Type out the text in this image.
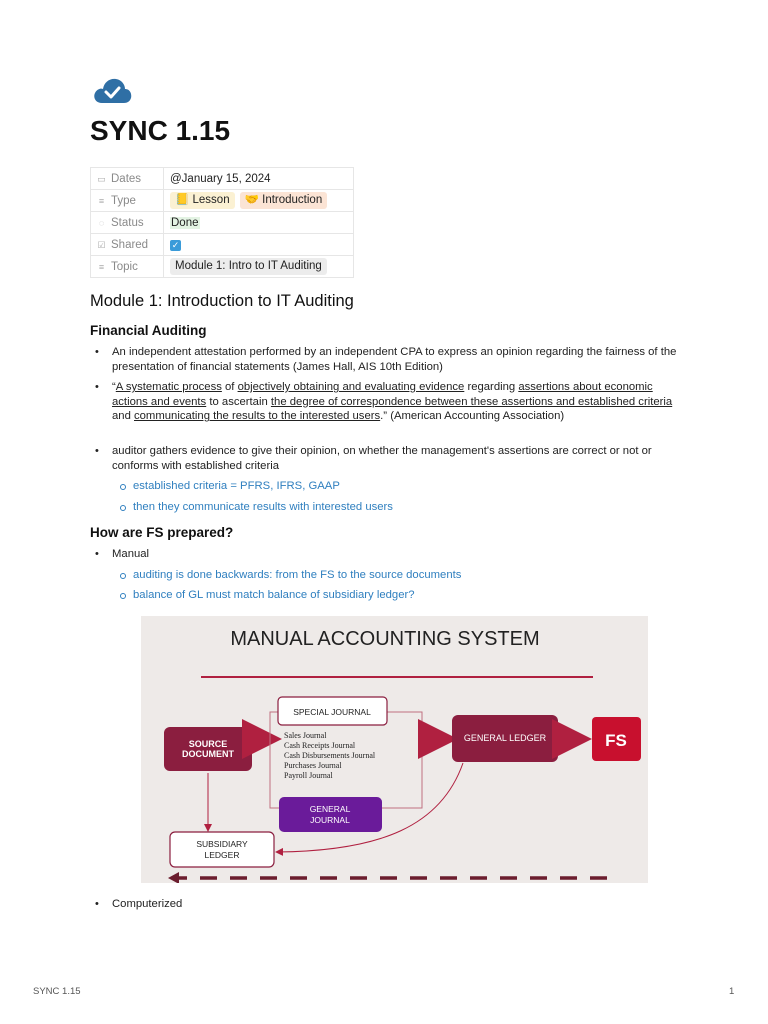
SYNC 1.15
▭ Dates	@January 15, 2024
≡ Type	📒 Lesson 🤝 Introduction
◌ Status	Done
☑ Shared	✓
≡ Topic	Module 1: Intro to IT Auditing
Module 1: Introduction to IT Auditing
Financial Auditing
• An independent attestation performed by an independent CPA to express an opinion regarding the fairness of the presentation of financial statements (James Hall, AIS 10th Edition)
• “A systematic process of objectively obtaining and evaluating evidence regarding assertions about economic actions and events to ascertain the degree of correspondence between these assertions and established criteria and communicating the results to the interested users.” (American Accounting Association)
• auditor gathers evidence to give their opinion, on whether the management's assertions are correct or not or conforms with established criteria
established criteria = PFRS, IFRS, GAAP
then they communicate results with interested users
How are FS prepared?
• Manual
auditing is done backwards: from the FS to the source documents
balance of GL must match balance of subsidiary ledger?
MANUAL ACCOUNTING SYSTEM
SOURCE
DOCUMENT
SPECIAL JOURNAL
Sales Journal
Cash Receipts Journal
Cash Disbursements Journal
Purchases Journal
Payroll Journal
GENERAL
JOURNAL
GENERAL LEDGER	FS
SUBSIDIARY
LEDGER
• Computerized
SYNC 1.15	1
